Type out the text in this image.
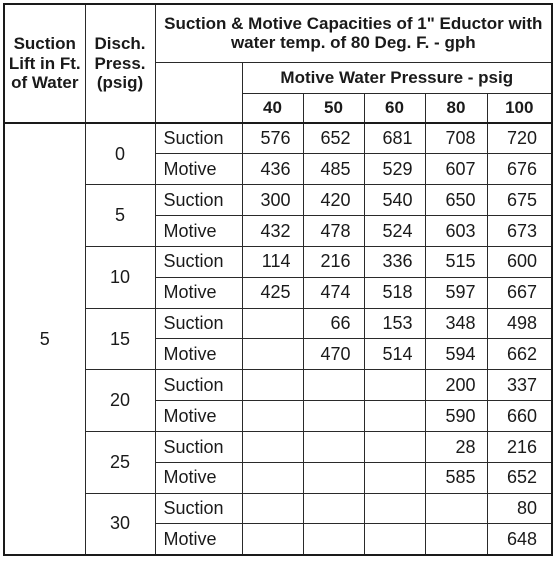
Suction Lift in Ft. of Water	Disch. Press. (psig)	Suction & Motive Capacities of 1" Eductor with water temp. of 80 Deg. F. - gph					
			Motive Water Pressure - psig				
			40	50	60	80	100
5	0	Suction	576	652	681	708	720
		Motive	436	485	529	607	676
	5	Suction	300	420	540	650	675
		Motive	432	478	524	603	673
	10	Suction	114	216	336	515	600
		Motive	425	474	518	597	667
	15	Suction		66	153	348	498
		Motive		470	514	594	662
	20	Suction				200	337
		Motive				590	660
	25	Suction				28	216
		Motive				585	652
	30	Suction					80
		Motive					648
